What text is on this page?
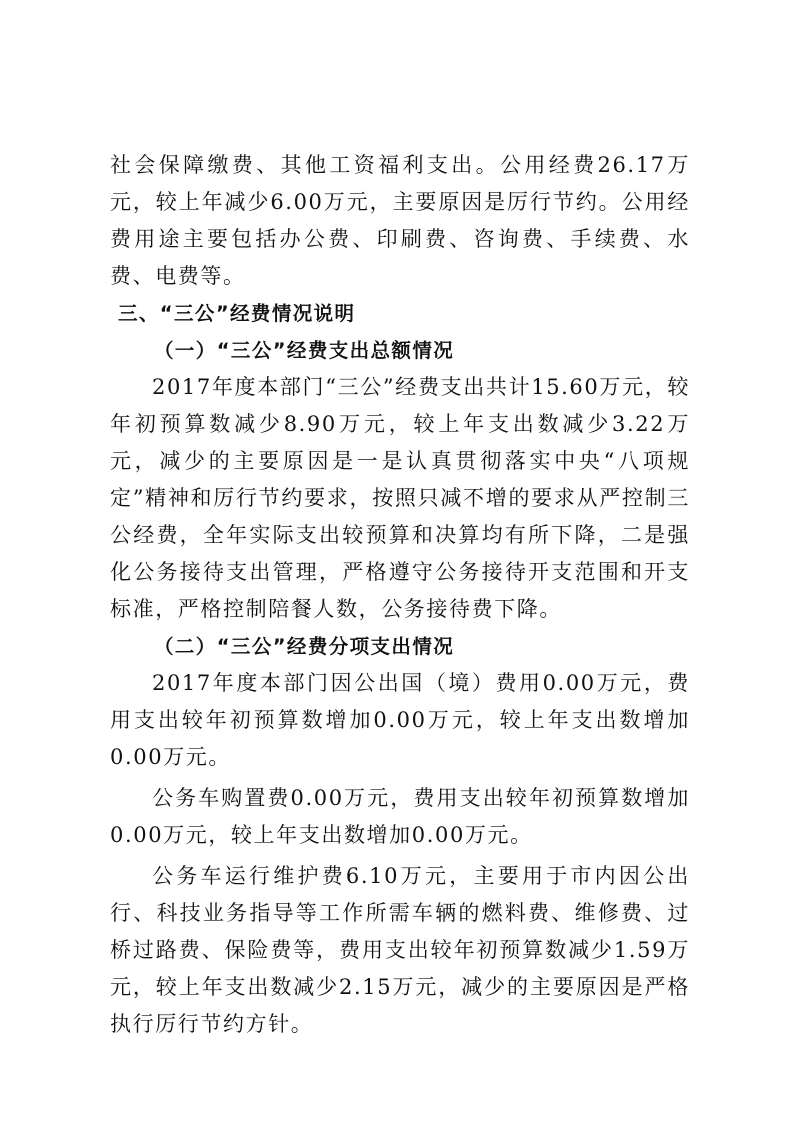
社会保障缴费、其他工资福利支出。公用经费26.17万元，较上年减少6.00万元，主要原因是厉行节约。公用经费用途主要包括办公费、印刷费、咨询费、手续费、水费、电费等。

三、“三公”经费情况说明

（一）“三公”经费支出总额情况

2017年度本部门“三公”经费支出共计15.60万元，较年初预算数减少8.90万元，较上年支出数减少3.22万元，减少的主要原因是一是认真贯彻落实中央“八项规定”精神和厉行节约要求，按照只减不增的要求从严控制三公经费，全年实际支出较预算和决算均有所下降，二是强化公务接待支出管理，严格遵守公务接待开支范围和开支标准，严格控制陪餐人数，公务接待费下降。

（二）“三公”经费分项支出情况

2017年度本部门因公出国（境）费用0.00万元，费用支出较年初预算数增加0.00万元，较上年支出数增加0.00万元。

公务车购置费0.00万元，费用支出较年初预算数增加0.00万元，较上年支出数增加0.00万元。

公务车运行维护费6.10万元，主要用于市内因公出行、科技业务指导等工作所需车辆的燃料费、维修费、过桥过路费、保险费等，费用支出较年初预算数减少1.59万元，较上年支出数减少2.15万元，减少的主要原因是严格执行厉行节约方针。
